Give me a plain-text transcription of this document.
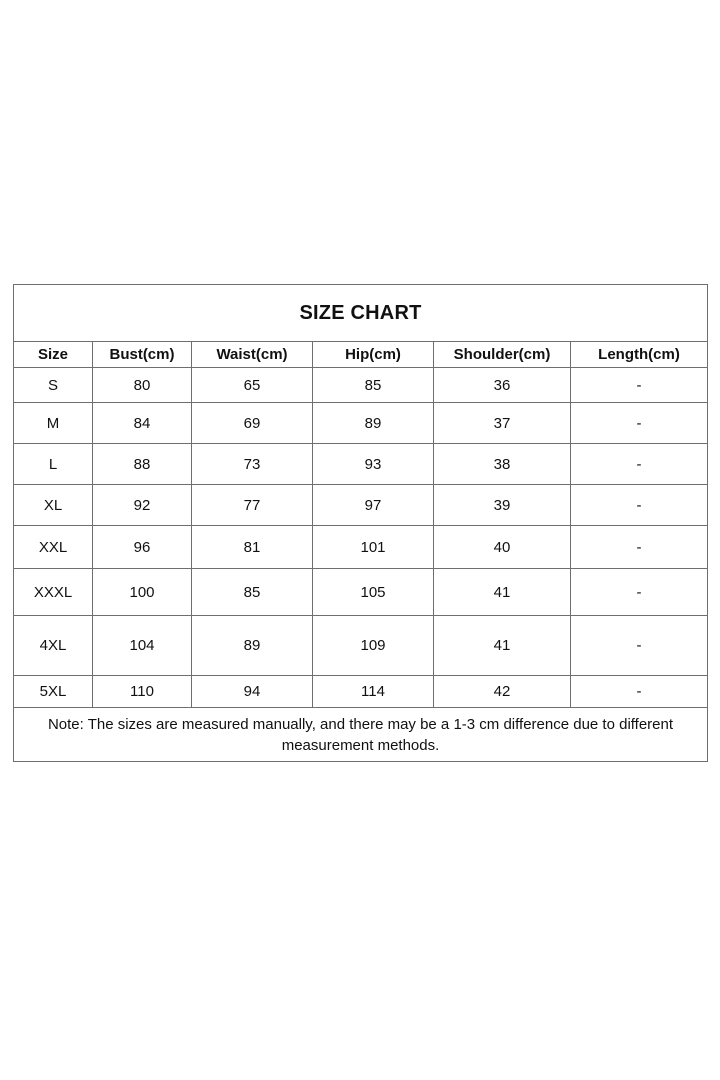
SIZE CHART					
Size	Bust(cm)	Waist(cm)	Hip(cm)	Shoulder(cm)	Length(cm)
S	80	65	85	36	-
M	84	69	89	37	-
L	88	73	93	38	-
XL	92	77	97	39	-
XXL	96	81	101	40	-
XXXL	100	85	105	41	-
4XL	104	89	109	41	-
5XL	110	94	114	42	-
Note: The sizes are measured manually, and there may be a 1-3 cm difference due to different measurement methods.					
